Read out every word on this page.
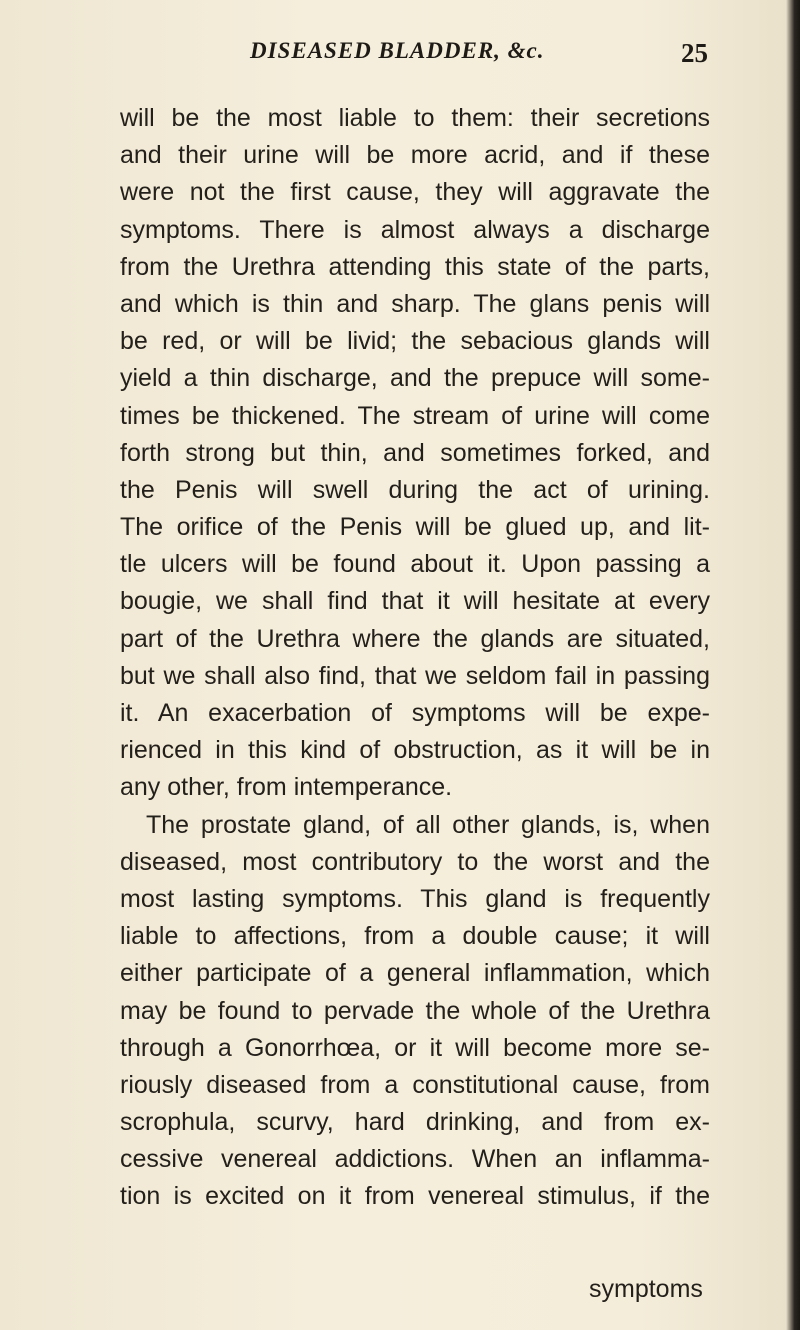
DISEASED BLADDER, &c.	25
will be the most liable to them: their secretions
and their urine will be more acrid, and if these
were not the first cause, they will aggravate the
symptoms. There is almost always a discharge
from the Urethra attending this state of the parts,
and which is thin and sharp. The glans penis will
be red, or will be livid; the sebacious glands will
yield a thin discharge, and the prepuce will some-
times be thickened. The stream of urine will come
forth strong but thin, and sometimes forked, and
the Penis will swell during the act of urining.
The orifice of the Penis will be glued up, and lit-
tle ulcers will be found about it. Upon passing a
bougie, we shall find that it will hesitate at every
part of the Urethra where the glands are situated,
but we shall also find, that we seldom fail in passing
it. An exacerbation of symptoms will be expe-
rienced in this kind of obstruction, as it will be in
any other, from intemperance.
The prostate gland, of all other glands, is, when
diseased, most contributory to the worst and the
most lasting symptoms. This gland is frequently
liable to affections, from a double cause; it will
either participate of a general inflammation, which
may be found to pervade the whole of the Urethra
through a Gonorrhœa, or it will become more se-
riously diseased from a constitutional cause, from
scrophula, scurvy, hard drinking, and from ex-
cessive venereal addictions. When an inflamma-
tion is excited on it from venereal stimulus, if the
symptoms
